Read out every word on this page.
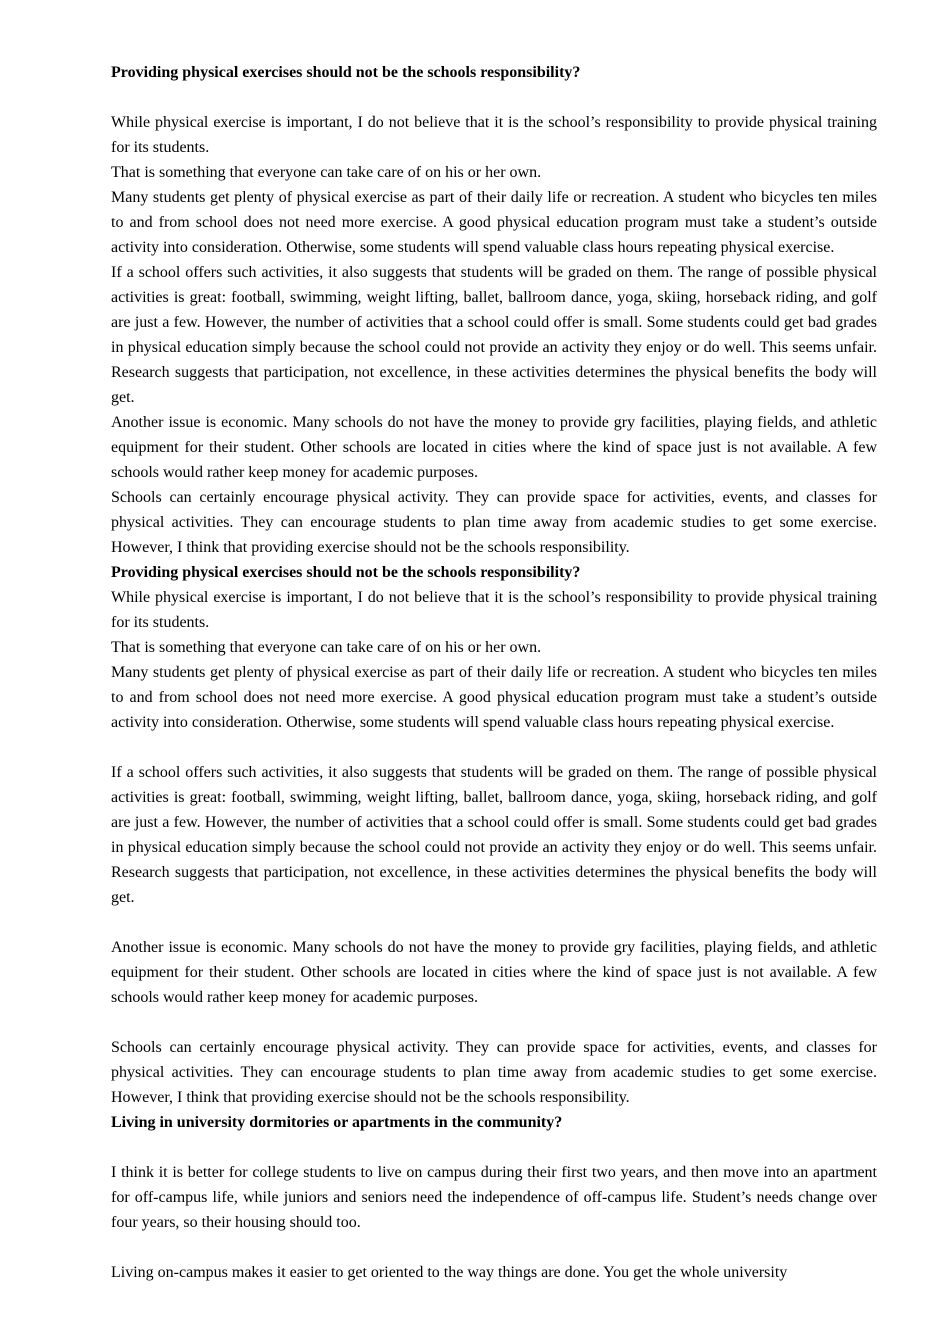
Providing physical exercises should not be the schools responsibility?

While physical exercise is important, I do not believe that it is the school’s responsibility to provide physical training for its students.

That is something that everyone can take care of on his or her own.

Many students get plenty of physical exercise as part of their daily life or recreation. A student who bicycles ten miles to and from school does not need more exercise. A good physical education program must take a student’s outside activity into consideration. Otherwise, some students will spend valuable class hours repeating physical exercise.

If a school offers such activities, it also suggests that students will be graded on them. The range of possible physical activities is great: football, swimming, weight lifting, ballet, ballroom dance, yoga, skiing, horseback riding, and golf are just a few. However, the number of activities that a school could offer is small. Some students could get bad grades in physical education simply because the school could not provide an activity they enjoy or do well. This seems unfair. Research suggests that participation, not excellence, in these activities determines the physical benefits the body will get.

Another issue is economic. Many schools do not have the money to provide gry facilities, playing fields, and athletic equipment for their student. Other schools are located in cities where the kind of space just is not available. A few schools would rather keep money for academic purposes.

Schools can certainly encourage physical activity. They can provide space for activities, events, and classes for physical activities. They can encourage students to plan time away from academic studies to get some exercise. However, I think that providing exercise should not be the schools responsibility.

Providing physical exercises should not be the schools responsibility?

While physical exercise is important, I do not believe that it is the school’s responsibility to provide physical training for its students.

That is something that everyone can take care of on his or her own.

Many students get plenty of physical exercise as part of their daily life or recreation. A student who bicycles ten miles to and from school does not need more exercise. A good physical education program must take a student’s outside activity into consideration. Otherwise, some students will spend valuable class hours repeating physical exercise.

If a school offers such activities, it also suggests that students will be graded on them. The range of possible physical activities is great: football, swimming, weight lifting, ballet, ballroom dance, yoga, skiing, horseback riding, and golf are just a few. However, the number of activities that a school could offer is small. Some students could get bad grades in physical education simply because the school could not provide an activity they enjoy or do well. This seems unfair. Research suggests that participation, not excellence, in these activities determines the physical benefits the body will get.

Another issue is economic. Many schools do not have the money to provide gry facilities, playing fields, and athletic equipment for their student. Other schools are located in cities where the kind of space just is not available. A few schools would rather keep money for academic purposes.

Schools can certainly encourage physical activity. They can provide space for activities, events, and classes for physical activities. They can encourage students to plan time away from academic studies to get some exercise. However, I think that providing exercise should not be the schools responsibility.

Living in university dormitories or apartments in the community?

I think it is better for college students to live on campus during their first two years, and then move into an apartment for off-campus life, while juniors and seniors need the independence of off-campus life. Student’s needs change over four years, so their housing should too.

Living on-campus makes it easier to get oriented to the way things are done. You get the whole university
